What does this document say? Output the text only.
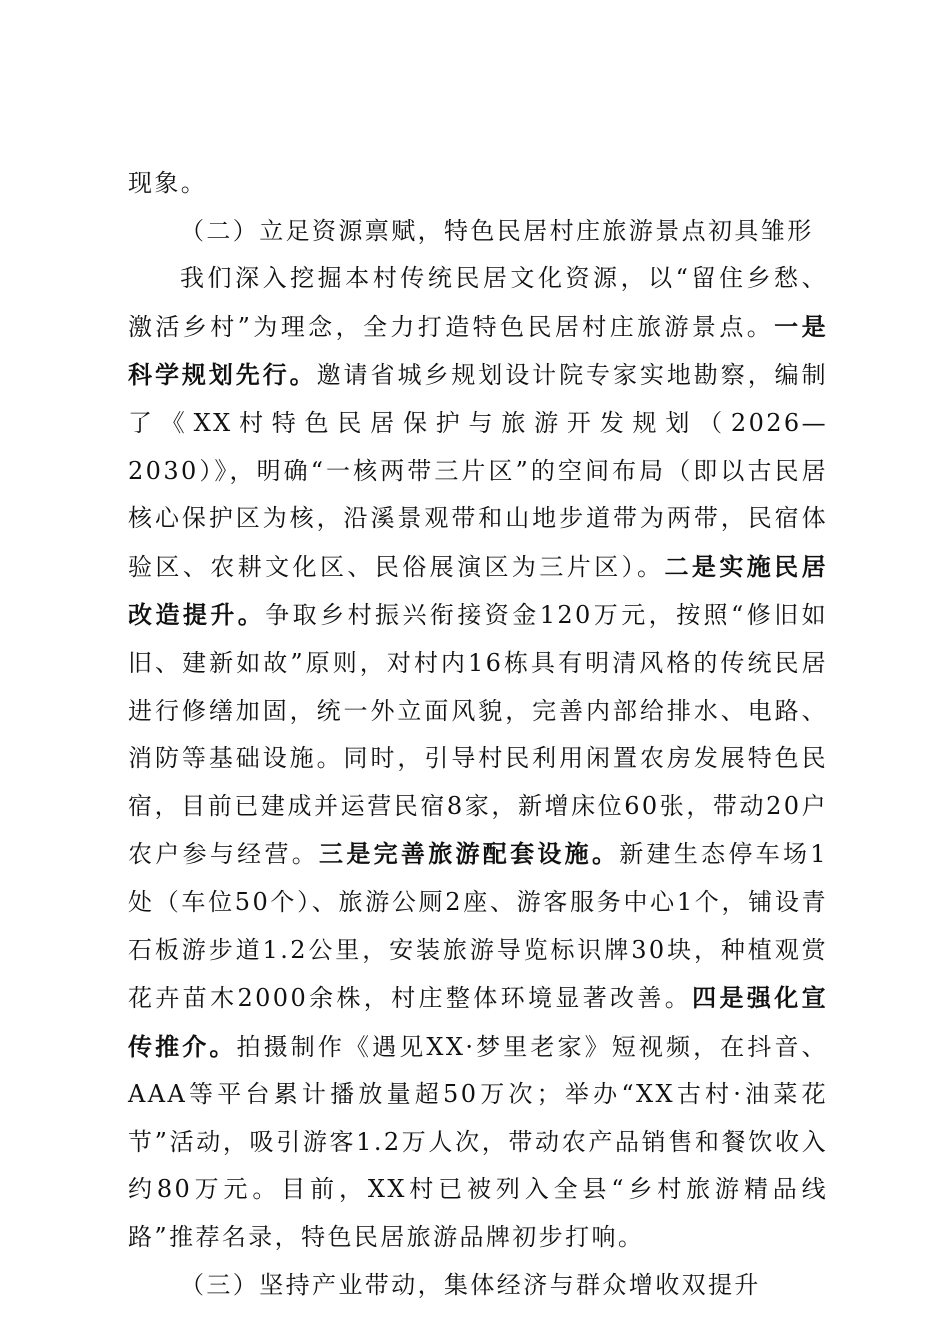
现象。

（二）立足资源禀赋，特色民居村庄旅游景点初具雏形

我们深入挖掘本村传统民居文化资源，以“留住乡愁、激活乡村”为理念，全力打造特色民居村庄旅游景点。一是科学规划先行。邀请省城乡规划设计院专家实地勘察，编制了《XX村特色民居保护与旅游开发规划（2026—2030）》，明确“一核两带三片区”的空间布局（即以古民居核心保护区为核，沿溪景观带和山地步道带为两带，民宿体验区、农耕文化区、民俗展演区为三片区）。二是实施民居改造提升。争取乡村振兴衔接资金120万元，按照“修旧如旧、建新如故”原则，对村内16栋具有明清风格的传统民居进行修缮加固，统一外立面风貌，完善内部给排水、电路、消防等基础设施。同时，引导村民利用闲置农房发展特色民宿，目前已建成并运营民宿8家，新增床位60张，带动20户农户参与经营。三是完善旅游配套设施。新建生态停车场1处（车位50个）、旅游公厕2座、游客服务中心1个，铺设青石板游步道1.2公里，安装旅游导览标识牌30块，种植观赏花卉苗木2000余株，村庄整体环境显著改善。四是强化宣传推介。拍摄制作《遇见XX·梦里老家》短视频，在抖音、AAA等平台累计播放量超50万次；举办“XX古村·油菜花节”活动，吸引游客1.2万人次，带动农产品销售和餐饮收入约80万元。目前，XX村已被列入全县“乡村旅游精品线路”推荐名录，特色民居旅游品牌初步打响。

（三）坚持产业带动，集体经济与群众增收双提升
